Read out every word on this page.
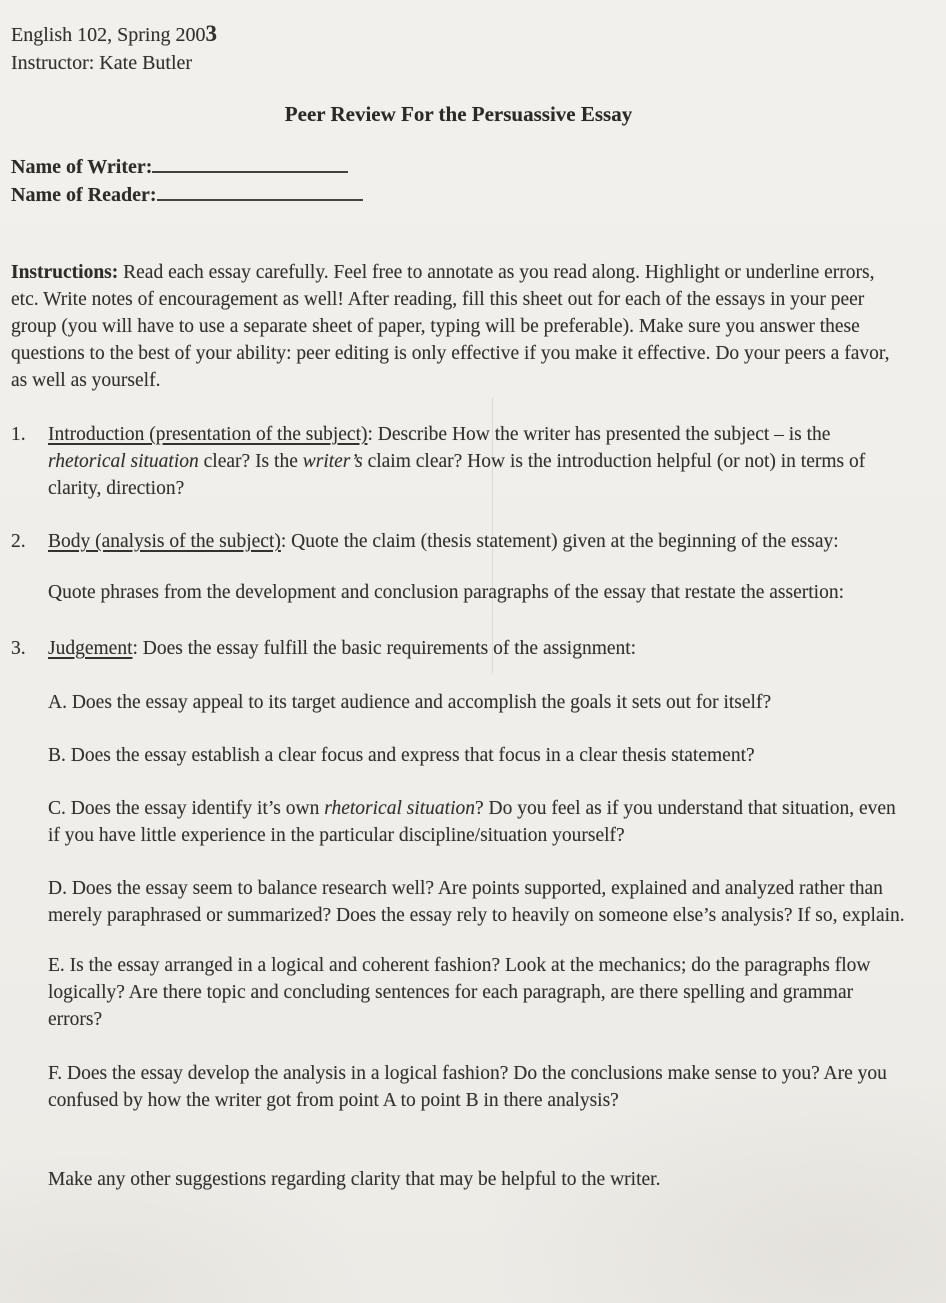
English 102, Spring 2003

Instructor: Kate Butler

Peer Review For the Persuassive Essay

Name of Writer:

Name of Reader:

Instructions: Read each essay carefully. Feel free to annotate as you read along. Highlight or underline errors, etc. Write notes of encouragement as well! After reading, fill this sheet out for each of the essays in your peer group (you will have to use a separate sheet of paper, typing will be preferable). Make sure you answer these questions to the best of your ability: peer editing is only effective if you make it effective. Do your peers a favor, as well as yourself.

1.	Introduction (presentation of the subject): Describe How the writer has presented the subject – is the rhetorical situation clear? Is the writer’s claim clear? How is the introduction helpful (or not) in terms of clarity, direction?

2.	Body (analysis of the subject): Quote the claim (thesis statement) given at the beginning of the essay:

Quote phrases from the development and conclusion paragraphs of the essay that restate the assertion:

3.	Judgement: Does the essay fulfill the basic requirements of the assignment:

A. Does the essay appeal to its target audience and accomplish the goals it sets out for itself?

B. Does the essay establish a clear focus and express that focus in a clear thesis statement?

C. Does the essay identify it’s own rhetorical situation? Do you feel as if you understand that situation, even if you have little experience in the particular discipline/situation yourself?

D. Does the essay seem to balance research well? Are points supported, explained and analyzed rather than merely paraphrased or summarized? Does the essay rely to heavily on someone else’s analysis? If so, explain.

E. Is the essay arranged in a logical and coherent fashion? Look at the mechanics; do the paragraphs flow logically? Are there topic and concluding sentences for each paragraph, are there spelling and grammar errors?

F. Does the essay develop the analysis in a logical fashion? Do the conclusions make sense to you? Are you confused by how the writer got from point A to point B in there analysis?

Make any other suggestions regarding clarity that may be helpful to the writer.
